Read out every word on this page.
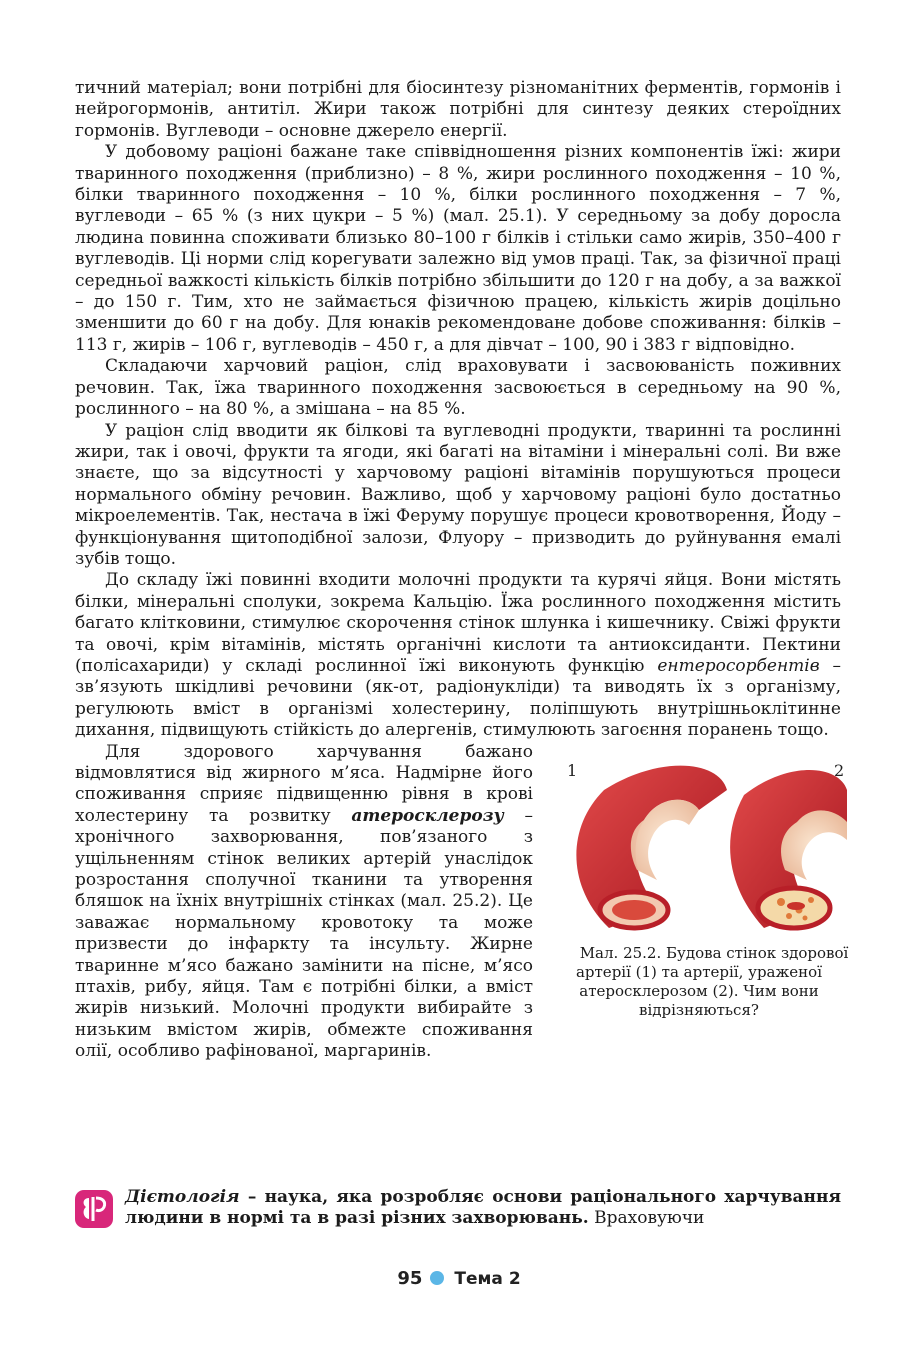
тичний матеріал; вони потрібні для біосинтезу різноманітних ферментів, гормонів і нейрогормонів, антитіл. Жири також потрібні для синтезу деяких стероїдних гормонів. Вуглеводи – основне джерело енергії.

У добовому раціоні бажане таке співвідношення різних компонентів їжі: жири тваринного походження (приблизно) – 8 %, жири рослинного походження – 10 %, білки тваринного походження – 10 %, білки рослинного походження – 7 %, вуглеводи – 65 % (з них цукри – 5 %) (мал. 25.1). У середньому за добу доросла людина повинна споживати близько 80–100 г білків і стільки само жирів, 350–400 г вуглеводів. Ці норми слід корегувати залежно від умов праці. Так, за фізичної праці середньої важкості кількість білків потрібно збільшити до 120 г на добу, а за важкої – до 150 г. Тим, хто не займається фізичною працею, кількість жирів доцільно зменшити до 60 г на добу. Для юнаків рекомендоване добове споживання: білків – 113 г, жирів – 106 г, вуглеводів – 450 г, а для дівчат – 100, 90 і 383 г відповідно.

Складаючи харчовий раціон, слід враховувати і засвоюваність поживних речовин. Так, їжа тваринного походження засвоюється в середньому на 90 %, рослинного – на 80 %, а змішана – на 85 %.

У раціон слід вводити як білкові та вуглеводні продукти, тваринні та рослинні жири, так і овочі, фрукти та ягоди, які багаті на вітаміни і мінеральні солі. Ви вже знаєте, що за відсутності у харчовому раціоні вітамінів порушуються процеси нормального обміну речовин. Важливо, щоб у харчовому раціоні було достатньо мікроелементів. Так, нестача в їжі Феруму порушує процеси кровотворення, Йоду – функціонування щитоподібної залози, Флуору – призводить до руйнування емалі зубів тощо.

До складу їжі повинні входити молочні продукти та курячі яйця. Вони містять білки, мінеральні сполуки, зокрема Кальцію. Їжа рослинного походження містить багато клітковини, стимулює скорочення стінок шлунка і кишечнику. Свіжі фрукти та овочі, крім вітамінів, містять органічні кислоти та антиоксиданти. Пектини (полісахариди) у складі рослинної їжі виконують функцію ентеросорбентів – зв’язують шкідливі речовини (як-от, радіонукліди) та виводять їх з організму, регулюють вміст в організмі холестерину, поліпшують внутрішньоклітинне дихання, підвищують стійкість до алергенів, стимулюють загоєння поранень тощо.

1	2
Мал. 25.2. Будова стінок здорової артерії (1) та артерії, ураженої атеросклерозом (2). Чим вони відрізняються?
Для здорового харчування бажано відмовлятися від жирного м’яса. Надмірне його споживання сприяє підвищенню рівня в крові холестерину та розвитку атеросклерозу – хронічного захворювання, пов’язаного з ущільненням стінок великих артерій унаслідок розростання сполучної тканини та утворення бляшок на їхніх внутрішніх стінках (мал. 25.2). Це заважає нормальному кровотоку та може призвести до інфаркту та інсульту. Жирне тваринне м’ясо бажано замінити на пісне, м’ясо птахів, рибу, яйця. Там є потрібні білки, а вміст жирів низький. Молочні продукти вибирайте з низьким вмістом жирів, обмежте споживання олії, особливо рафінованої, маргаринів.

Дієтологія – наука, яка розробляє основи раціонального харчування людини в нормі та в разі різних захворювань. Враховуючи

95 Тема 2
